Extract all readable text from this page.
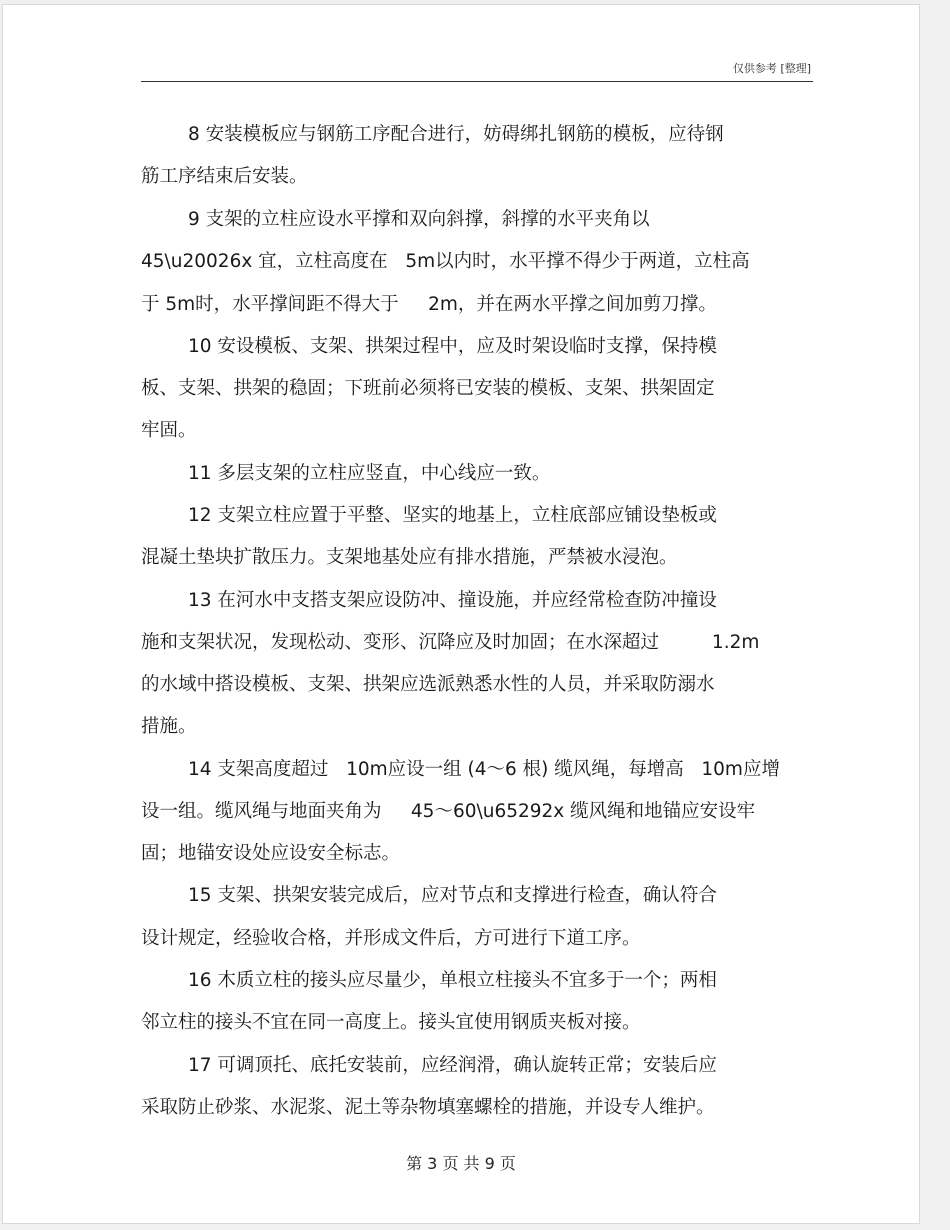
仅供参考 [整理]
8 安装模板应与钢筋工序配合进行，妨碍绑扎钢筋的模板，应待钢
筋工序结束后安装。
9 支架的立柱应设水平撑和双向斜撑，斜撑的水平夹角以
45\u20026x 宜，立柱高度在   5m以内时，水平撑不得少于两道，立柱高
于 5m时，水平撑间距不得大于     2m，并在两水平撑之间加剪刀撑。
10 安设模板、支架、拱架过程中，应及时架设临时支撑，保持模
板、支架、拱架的稳固；下班前必须将已安装的模板、支架、拱架固定
牢固。
11 多层支架的立柱应竖直，中心线应一致。
12 支架立柱应置于平整、坚实的地基上，立柱底部应铺设垫板或
混凝土垫块扩散压力。支架地基处应有排水措施，严禁被水浸泡。
13 在河水中支搭支架应设防冲、撞设施，并应经常检查防冲撞设
施和支架状况，发现松动、变形、沉降应及时加固；在水深超过         1.2m
的水域中搭设模板、支架、拱架应选派熟悉水性的人员，并采取防溺水
措施。
14 支架高度超过   10m应设一组 (4～6 根) 缆风绳，每增高   10m应增
设一组。缆风绳与地面夹角为     45～60\u65292x 缆风绳和地锚应安设牢
固；地锚安设处应设安全标志。
15 支架、拱架安装完成后，应对节点和支撑进行检查，确认符合
设计规定，经验收合格，并形成文件后，方可进行下道工序。
16 木质立柱的接头应尽量少，单根立柱接头不宜多于一个；两相
邻立柱的接头不宜在同一高度上。接头宜使用钢质夹板对接。
17 可调顶托、底托安装前，应经润滑，确认旋转正常；安装后应
采取防止砂浆、水泥浆、泥土等杂物填塞螺栓的措施，并设专人维护。
第 3 页 共 9 页
